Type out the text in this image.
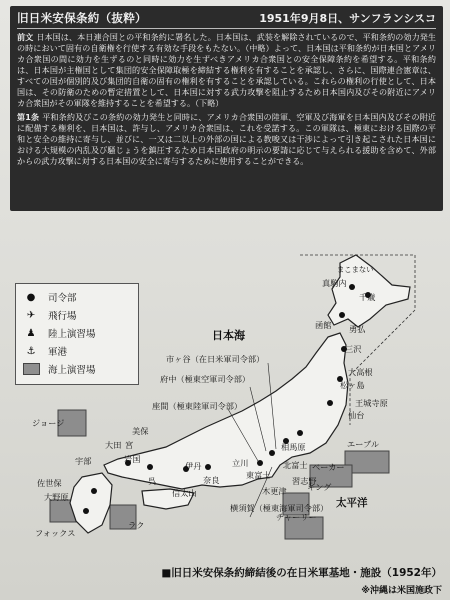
旧日米安保条約（抜粋）	1951年9月8日、サンフランシスコ

前文 日本国は、本日連合国との平和条約に署名した。日本国は、武装を解除されているので、平和条約の効力発生の時において固有の自衛権を行使する有効な手段をもたない。（中略）よって、日本国は平和条約が日本国とアメリカ合衆国の間に効力を生ずるのと同時に効力を生ずべきアメリカ合衆国との安全保障条約を希望する。平和条約は、日本国が主権国として集団的安全保障取極を締結する権利を有することを承認し、さらに、国際連合憲章は、すべての国が個別的及び集団的自衛の固有の権利を有することを承認している。これらの権利の行使として、日本国は、その防衛のための暫定措置として、日本国に対する武力攻撃を阻止するため日本国内及びその附近にアメリカ合衆国がその軍隊を維持することを希望する。（下略）

第1条 平和条約及びこの条約の効力発生と同時に、アメリカ合衆国の陸軍、空軍及び海軍を日本国内及びその附近に配備する権利を、日本国は、許与し、アメリカ合衆国は、これを受諾する。この軍隊は、極東における国際の平和と安全の維持に寄与し、並びに、一又は二以上の外部の国による教唆又は干渉によって引き起こされた日本国における大規模の内乱及び騒じょうを鎮圧するため日本国政府の明示の要請に応じて与えられる援助を含めて、外部からの武力攻撃に対する日本国の安全に寄与するために使用することができる。

●	司令部
✈	飛行場
♟	陸上演習場
⚓	軍港
海上演習場
日本海
太平洋
まこまない
真駒内
千歳
函館 勇払
三沢
市ヶ谷（在日米軍司令部）
府中（極東空軍司令部）
座間（極東陸軍司令部）
大高根
松ヶ島
王城寺原
仙台
相馬原
北富士
美保
大田 宮
岩国
宇部	伊丹	立川
奈良
信太山	木更津
習志野
東富士
横須賀（極東海軍司令部）
佐世保
大野原
呉
ジョージ
フォックス
ラク
エーブル
ベーカー
キング
チャーリー
■旧日米安保条約締結後の在日米軍基地・施設（1952年）
※沖縄は米国施政下
